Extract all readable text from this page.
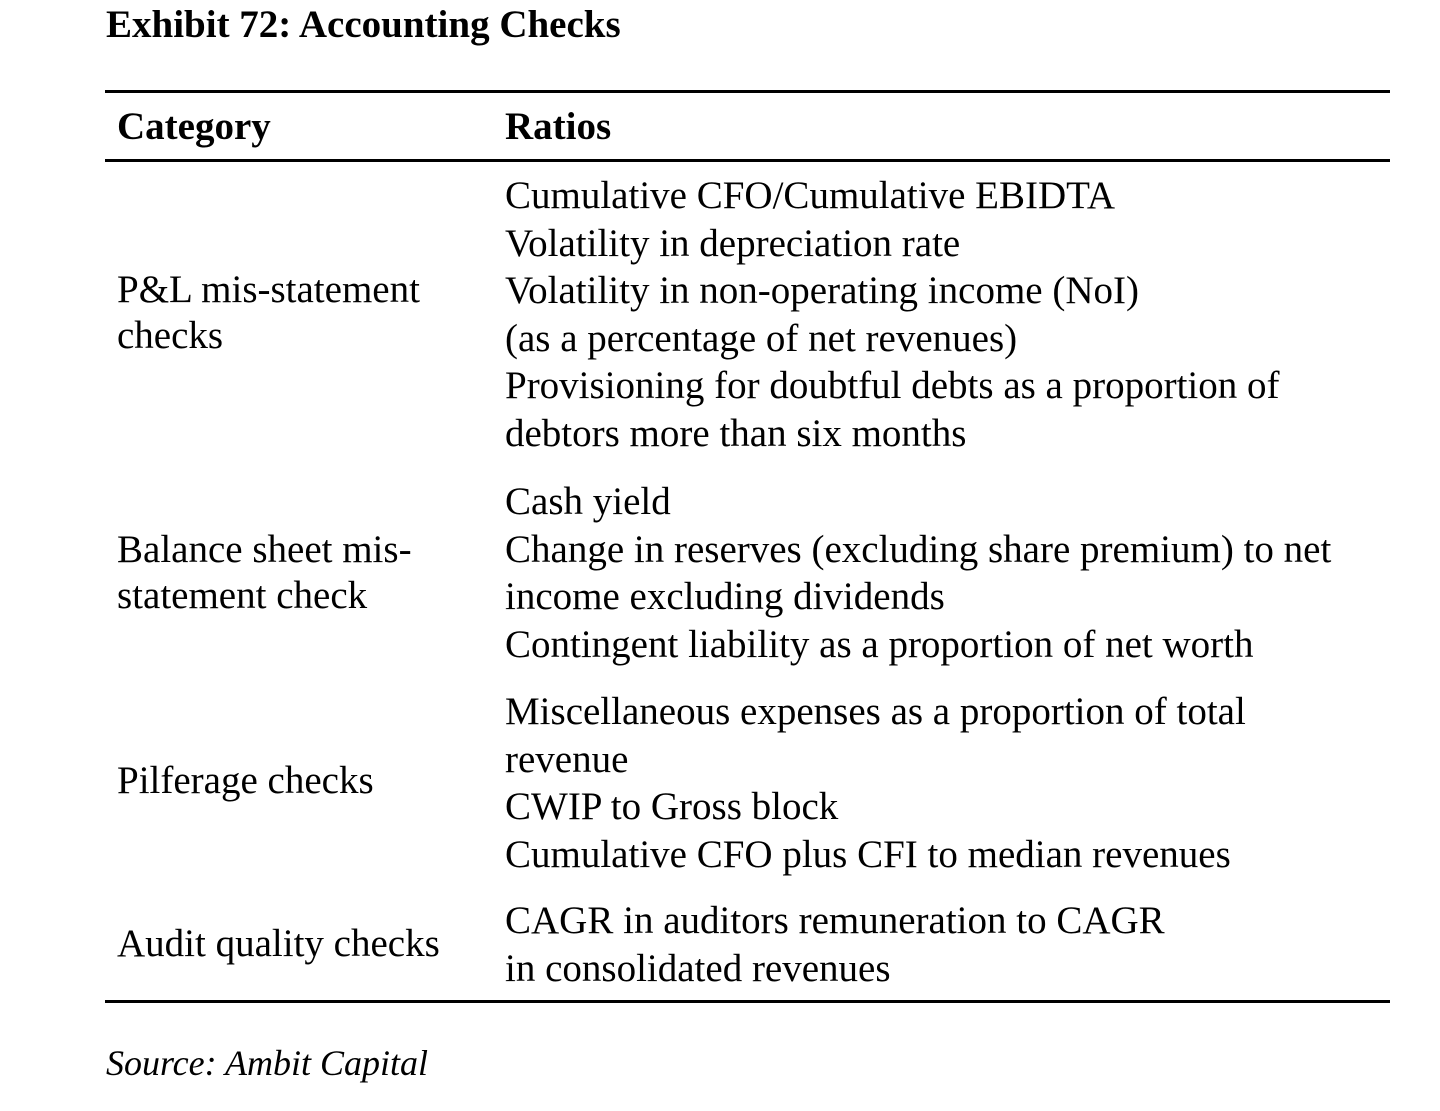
Exhibit 72: Accounting Checks
Category	Ratios
P&L mis-statement
checks
Cumulative CFO/Cumulative EBIDTA
Volatility in depreciation rate
Volatility in non-operating income (NoI)
(as a percentage of net revenues)
Provisioning for doubtful debts as a proportion of
debtors more than six months
Balance sheet mis-
statement check
Cash yield
Change in reserves (excluding share premium) to net
income excluding dividends
Contingent liability as a proportion of net worth
Pilferage checks
Miscellaneous expenses as a proportion of total
revenue
CWIP to Gross block
Cumulative CFO plus CFI to median revenues
Audit quality checks
CAGR in auditors remuneration to CAGR
in consolidated revenues
Source: Ambit Capital
